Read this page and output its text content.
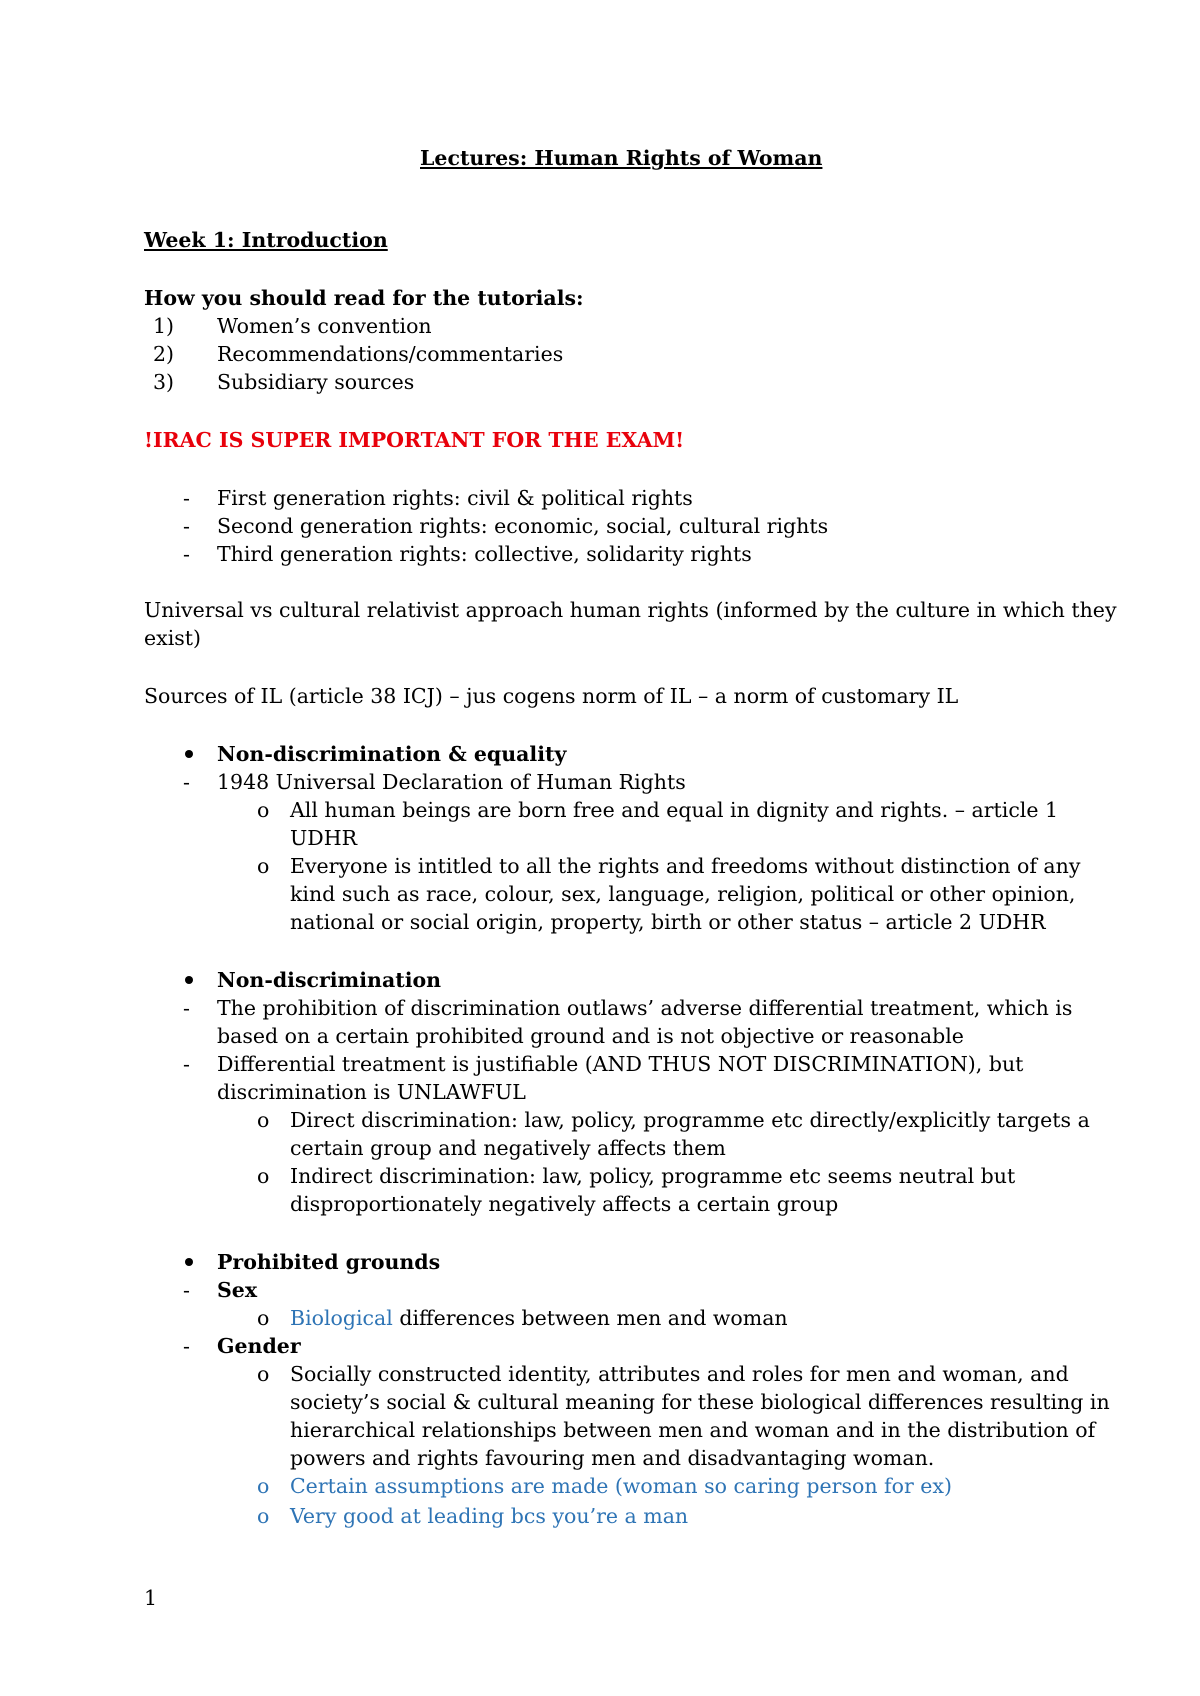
Lectures: Human Rights of Woman
Week 1: Introduction
How you should read for the tutorials:
1) Women’s convention
2) Recommendations/commentaries
3) Subsidiary sources
!IRAC IS SUPER IMPORTANT FOR THE EXAM!
- First generation rights: civil & political rights
- Second generation rights: economic, social, cultural rights
- Third generation rights: collective, solidarity rights
Universal vs cultural relativist approach human rights (informed by the culture in which they
exist)
Sources of IL (article 38 ICJ) – jus cogens norm of IL – a norm of customary IL
Non-discrimination & equality
- 1948 Universal Declaration of Human Rights
o All human beings are born free and equal in dignity and rights. – article 1
UDHR
o Everyone is intitled to all the rights and freedoms without distinction of any
kind such as race, colour, sex, language, religion, political or other opinion,
national or social origin, property, birth or other status – article 2 UDHR
Non-discrimination
- The prohibition of discrimination outlaws’ adverse differential treatment, which is
based on a certain prohibited ground and is not objective or reasonable
- Differential treatment is justifiable (AND THUS NOT DISCRIMINATION), but
discrimination is UNLAWFUL
o Direct discrimination: law, policy, programme etc directly/explicitly targets a
certain group and negatively affects them
o Indirect discrimination: law, policy, programme etc seems neutral but
disproportionately negatively affects a certain group
Prohibited grounds
- Sex
o Biological differences between men and woman
- Gender
o Socially constructed identity, attributes and roles for men and woman, and
society’s social & cultural meaning for these biological differences resulting in
hierarchical relationships between men and woman and in the distribution of
powers and rights favouring men and disadvantaging woman.
o Certain assumptions are made (woman so caring person for ex)
o Very good at leading bcs you’re a man
1
